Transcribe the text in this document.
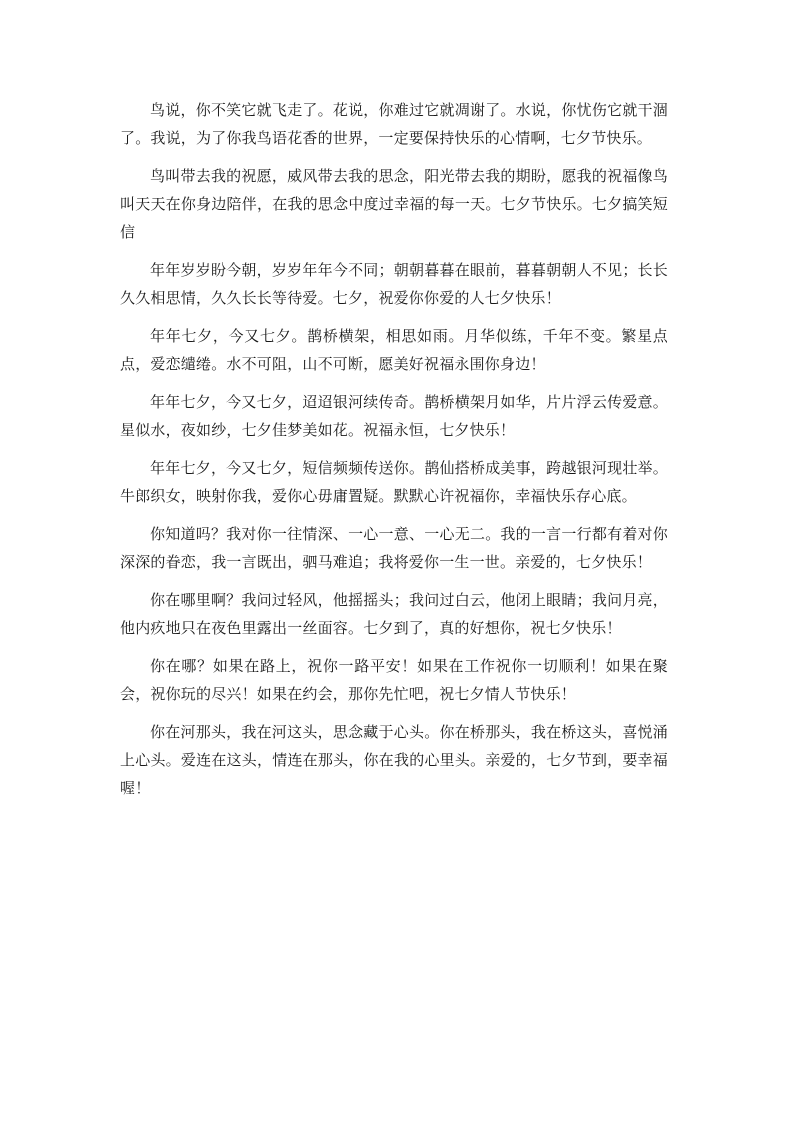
鸟说，你不笑它就飞走了。花说，你难过它就凋谢了。水说，你忧伤它就干涸了。我说，为了你我鸟语花香的世界，一定要保持快乐的心情啊，七夕节快乐。

鸟叫带去我的祝愿，威风带去我的思念，阳光带去我的期盼，愿我的祝福像鸟叫天天在你身边陪伴，在我的思念中度过幸福的每一天。七夕节快乐。七夕搞笑短信

年年岁岁盼今朝，岁岁年年今不同；朝朝暮暮在眼前，暮暮朝朝人不见；长长久久相思情，久久长长等待爱。七夕，祝爱你你爱的人七夕快乐！

年年七夕，今又七夕。鹊桥横架，相思如雨。月华似练，千年不变。繁星点点，爱恋缱绻。水不可阻，山不可断，愿美好祝福永围你身边！

年年七夕，今又七夕，迢迢银河续传奇。鹊桥横架月如华，片片浮云传爱意。星似水，夜如纱，七夕佳梦美如花。祝福永恒，七夕快乐！

年年七夕，今又七夕，短信频频传送你。鹊仙搭桥成美事，跨越银河现壮举。牛郎织女，映射你我，爱你心毋庸置疑。默默心许祝福你，幸福快乐存心底。

你知道吗？我对你一往情深、一心一意、一心无二。我的一言一行都有着对你深深的眷恋，我一言既出，驷马难追；我将爱你一生一世。亲爱的，七夕快乐！

你在哪里啊？我问过轻风，他摇摇头；我问过白云，他闭上眼睛；我问月亮，他内疚地只在夜色里露出一丝面容。七夕到了，真的好想你，祝七夕快乐！

你在哪？如果在路上，祝你一路平安！如果在工作祝你一切顺利！如果在聚会，祝你玩的尽兴！如果在约会，那你先忙吧，祝七夕情人节快乐！

你在河那头，我在河这头，思念藏于心头。你在桥那头，我在桥这头，喜悦涌上心头。爱连在这头，情连在那头，你在我的心里头。亲爱的，七夕节到，要幸福喔！
